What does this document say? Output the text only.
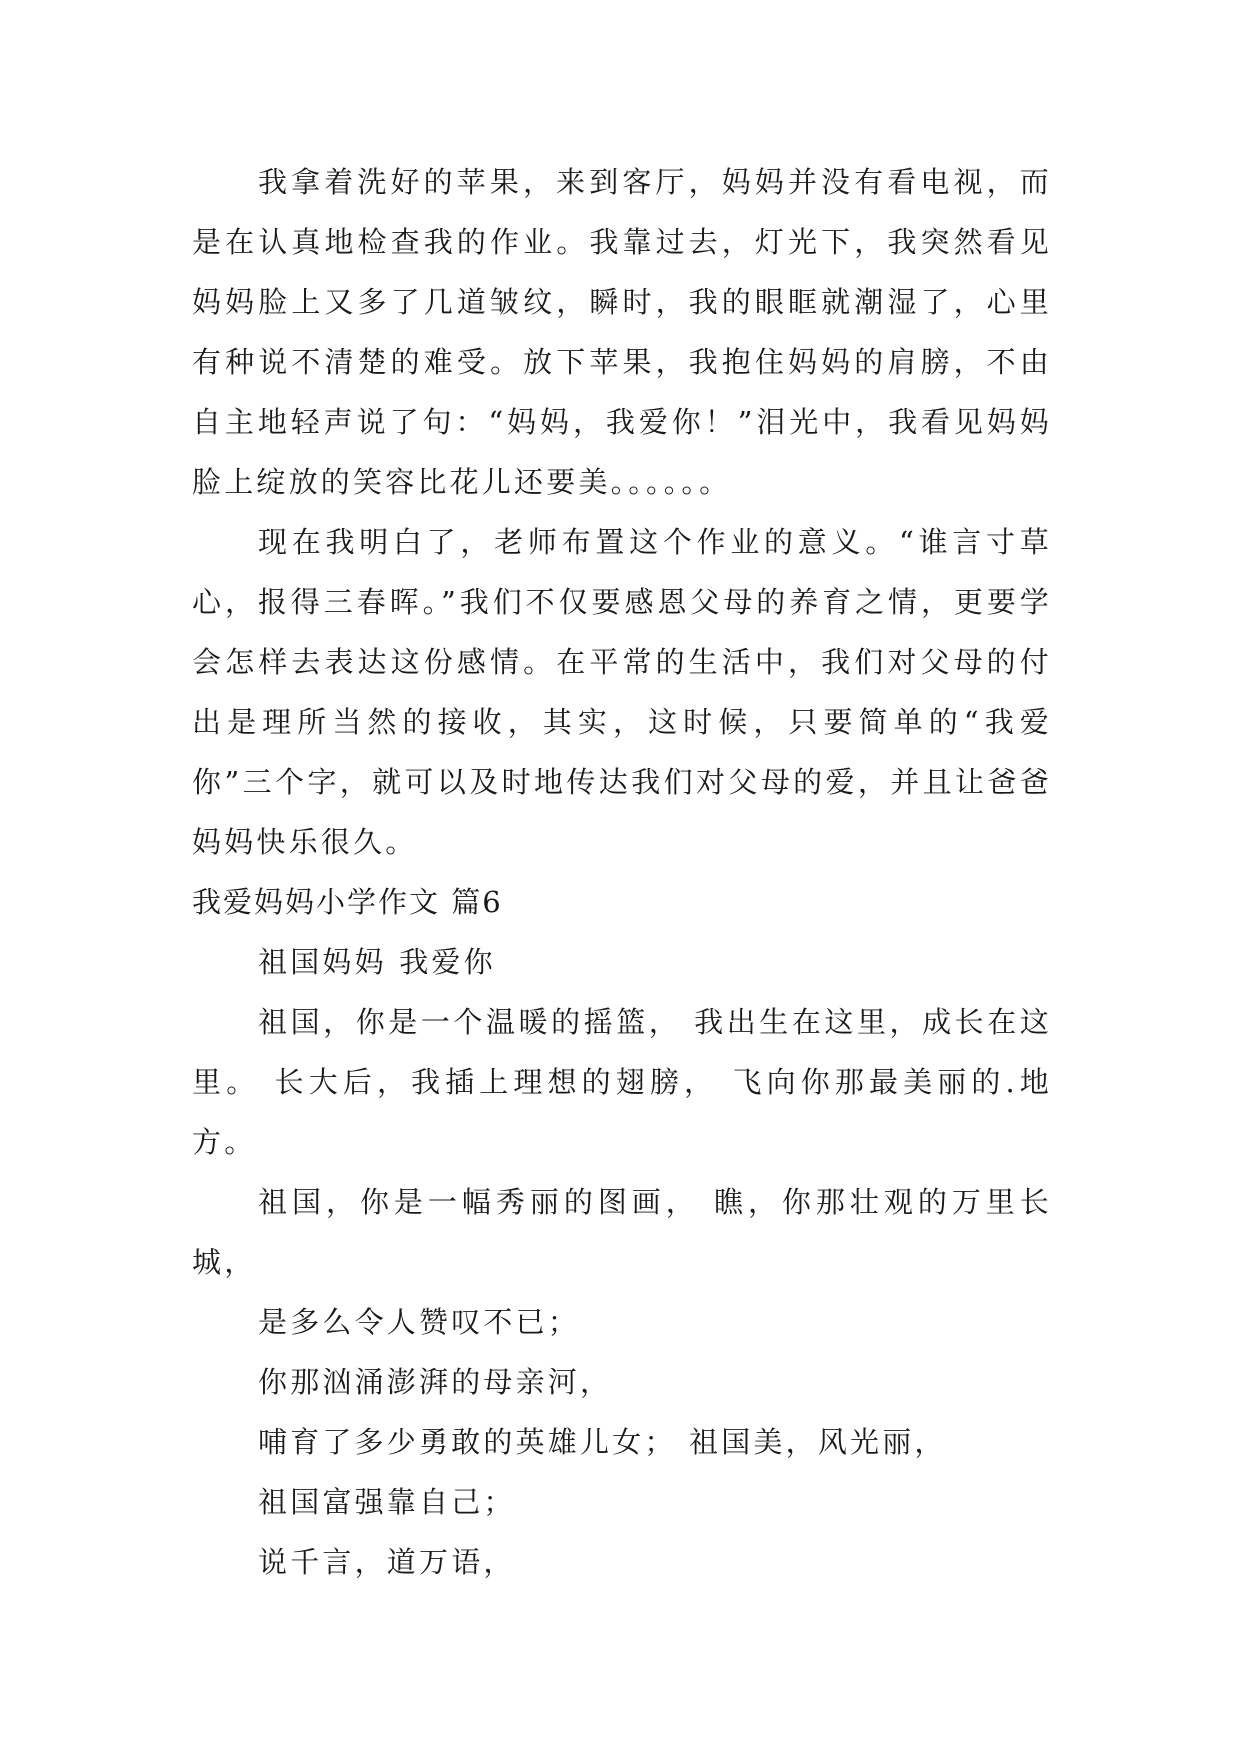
我拿着洗好的苹果，来到客厅，妈妈并没有看电视，而是在认真地检查我的作业。我靠过去，灯光下，我突然看见妈妈脸上又多了几道皱纹，瞬时，我的眼眶就潮湿了，心里有种说不清楚的难受。放下苹果，我抱住妈妈的肩膀，不由自主地轻声说了句：“妈妈，我爱你！”泪光中，我看见妈妈脸上绽放的笑容比花儿还要美。。。。。。

现在我明白了，老师布置这个作业的意义。“谁言寸草心，报得三春晖。”我们不仅要感恩父母的养育之情，更要学会怎样去表达这份感情。在平常的生活中，我们对父母的付出是理所当然的接收，其实，这时候，只要简单的“我爱你”三个字，就可以及时地传达我们对父母的爱，并且让爸爸妈妈快乐很久。

我爱妈妈小学作文 篇6

祖国妈妈 我爱你

祖国，你是一个温暖的摇篮， 我出生在这里，成长在这里。 长大后，我插上理想的翅膀， 飞向你那最美丽的.地方。

祖国，你是一幅秀丽的图画， 瞧，你那壮观的万里长城，

是多么令人赞叹不已；

你那汹涌澎湃的母亲河，

哺育了多少勇敢的英雄儿女； 祖国美，风光丽，

祖国富强靠自己；

说千言，道万语，
